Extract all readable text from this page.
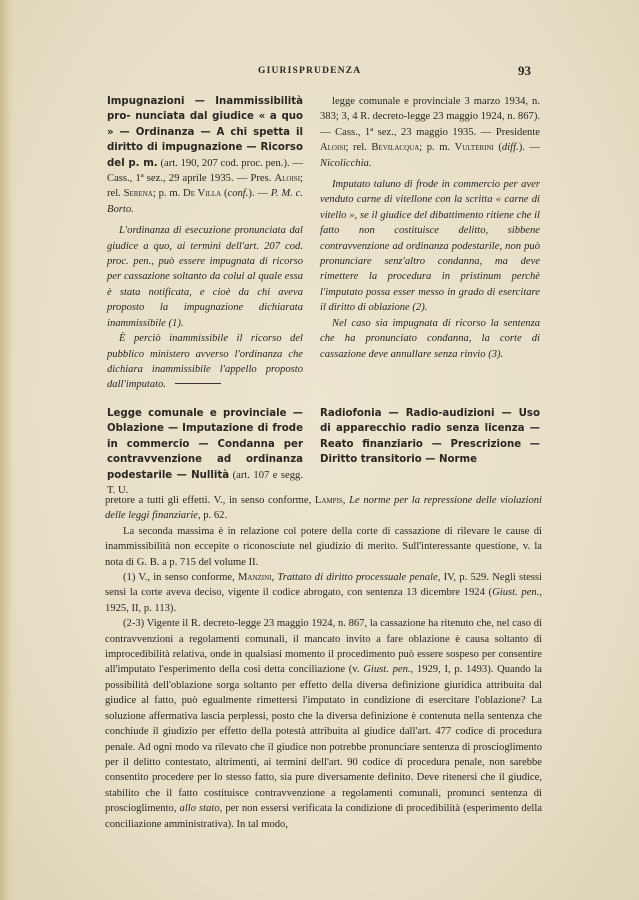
GIURISPRUDENZA	93

Impugnazioni — Inammissibilità pro- nunciata dal giudice « a quo » — Ordinanza — A chi spetta il diritto di impugnazione — Ricorso del p. m. (art. 190, 207 cod. proc. pen.). — Cass., 1ª sez., 29 aprile 1935. — Pres. Aloisi; rel. Serena; p. m. De Villa (conf.). — P. M. c. Borto.

L'ordinanza di esecuzione pronunciata dal giudice a quo, ai termini dell'art. 207 cod. proc. pen., può essere impugnata di ricorso per cassazione soltanto da colui al quale essa è stata notificata, e cioè da chi aveva proposto la impugnazione dichiarata inammissibile (1).

È perciò inammissibile il ricorso del pubblico ministero avverso l'ordinanza che dichiara inammissibile l'appello proposto dall'imputato.

legge comunale e provinciale 3 marzo 1934, n. 383; 3, 4 R. decreto-legge 23 maggio 1924, n. 867). — Cass., 1ª sez., 23 maggio 1935. — Presidente Aloisi; rel. Bevilacqua; p. m. Vulterini (diff.). — Nicolicchia.

Imputato taluno di frode in commercio per aver venduto carne di vitellone con la scritta « carne di vitello », se il giudice del dibattimento ritiene che il fatto non costituisce delitto, sibbene contravvenzione ad ordinanza podestarile, non può pronunciare senz'altro condanna, ma deve rimettere la procedura in pristinum perchè l'imputato possa esser messo in grado di esercitare il diritto di oblazione (2).

Nel caso sia impugnata di ricorso la sentenza che ha pronunciato condanna, la corte di cassazione deve annullare senza rinvio (3).

Legge comunale e provinciale — Oblazione — Imputazione di frode in commercio — Condanna per contravvenzione ad ordinanza podestarile — Nullità (art. 107 e segg. T. U.

Radiofonia — Radio-audizioni — Uso di apparecchio radio senza licenza — Reato finanziario — Prescrizione — Diritto transitorio — Norme

pretore a tutti gli effetti. V., in senso conforme, Lampis, Le norme per la repressione delle violazioni delle leggi finanziarie, p. 62.

La seconda massima è in relazione col potere della corte di cassazione di rilevare le cause di inammissibilità non eccepite o riconosciute nel giudizio di merito. Sull'interessante questione, v. la nota di G. B. a p. 715 del volume II.

(1) V., in senso conforme, Manzini, Trattato di diritto processuale penale, IV, p. 529. Negli stessi sensi la corte aveva deciso, vigente il codice abrogato, con sentenza 13 dicembre 1924 (Giust. pen., 1925, II, p. 113).

(2-3) Vigente il R. decreto-legge 23 maggio 1924, n. 867, la cassazione ha ritenuto che, nel caso di contravvenzioni a regolamenti comunali, il mancato invito a fare oblazione è causa soltanto di improcedibilità relativa, onde in qualsiasi momento il procedimento può essere sospeso per consentire all'imputato l'esperimento della così detta conciliazione (v. Giust. pen., 1929, I, p. 1493). Quando la possibilità dell'oblazione sorga soltanto per effetto della diversa definizione giuridica attribuita dal giudice al fatto, può egualmente rimettersi l'imputato in condizione di esercitare l'oblazione? La soluzione affermativa lascia perplessi, posto che la diversa definizione è contenuta nella sentenza che conchiude il giudizio per effetto della potestà attribuita al giudice dall'art. 477 codice di procedura penale. Ad ogni modo va rilevato che il giudice non potrebbe pronunciare sentenza di proscioglimento per il delitto contestato, altrimenti, ai termini dell'art. 90 codice di procedura penale, non sarebbe consentito procedere per lo stesso fatto, sia pure diversamente definito. Deve ritenersi che il giudice, stabilito che il fatto costituisce contravvenzione a regolamenti comunali, pronunci sentenza di proscioglimento, allo stato, per non essersi verificata la condizione di procedibilità (esperimento della conciliazione amministrativa). In tal modo,
